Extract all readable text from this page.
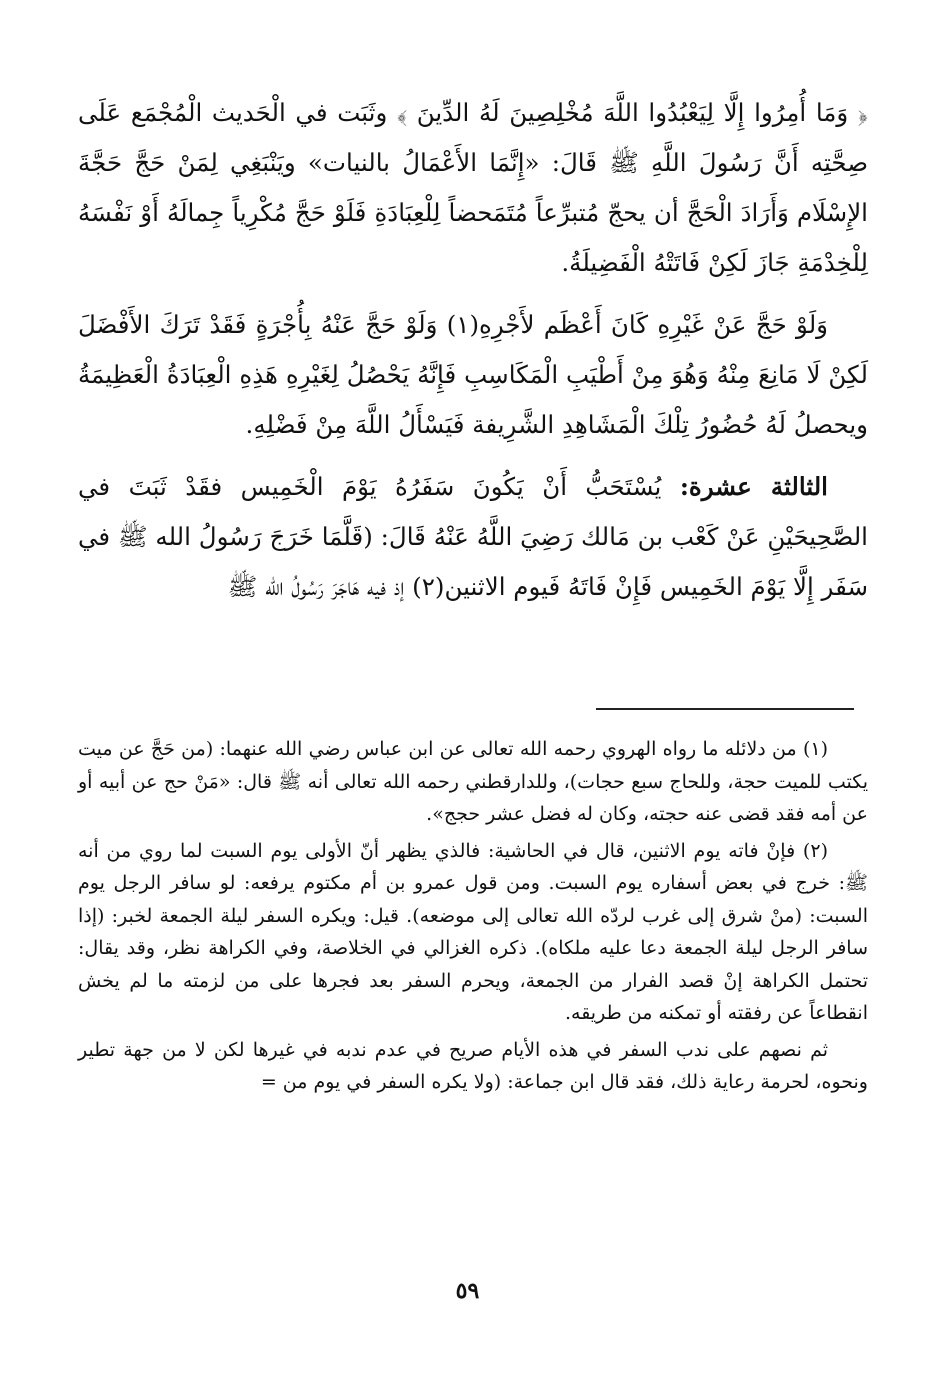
﴿ وَمَا أُمِرُوا إِلَّا لِيَعْبُدُوا اللَّهَ مُخْلِصِينَ لَهُ الدِّينَ ﴾ وثَبَت في الْحَديث الْمُجْمَع عَلَى صِحَّتِه أَنَّ رَسُولَ اللَّهِ ﷺ قَالَ: «إِنَّمَا الأَعْمَالُ بالنيات» ويَنْبَغِي لِمَنْ حَجَّ حَجَّةَ الإِسْلَام وَأَرَادَ الْحَجَّ أن يحجّ مُتبرِّعاً مُتَمَحضاً لِلْعِبَادَةِ فَلَوْ حَجَّ مُكْرِياً جِمالَهُ أَوْ نَفْسَهُ لِلْخِدْمَةِ جَازَ لَكِنْ فَاتَتْهُ الْفَضِيلَةُ.

وَلَوْ حَجَّ عَنْ غَيْرِهِ كَانَ أَعْظَم لأَجْرِهِ(١) وَلَوْ حَجَّ عَنْهُ بِأُجْرَةٍ فَقَدْ تَرَكَ الأَفْضَلَ لَكِنْ لَا مَانِعَ مِنْهُ وَهُوَ مِنْ أَطْيَبِ الْمَكَاسِبِ فَإِنَّهُ يَحْصُلُ لِغَيْرِهِ هَذِهِ الْعِبَادَةُ الْعَظِيمَةُ ويحصلُ لَهُ حُضُورُ تِلْكَ الْمَشَاهِدِ الشَّرِيفة فَيَسْأَلُ اللَّهَ مِنْ فَضْلِهِ.

الثالثة عشرة: يُسْتَحَبُّ أَنْ يَكُونَ سَفَرُهُ يَوْمَ الْخَمِيس فقَدْ ثَبَتَ في الصَّحِيحَيْنِ عَنْ كَعْب بن مَالك رَضِيَ اللَّهُ عَنْهُ قَالَ: (قَلَّمَا خَرَجَ رَسُولُ الله ﷺ في سَفَر إِلَّا يَوْمَ الخَمِيس فَإِنْ فَاتَهُ فَيوم الاثنين(٢) إذ فيه هَاجَرَ رَسُولُ الله ﷺ

(١) من دلائله ما رواه الهروي رحمه الله تعالى عن ابن عباس رضي الله عنهما: (من حَجَّ عن ميت يكتب للميت حجة، وللحاج سبع حجات)، وللدارقطني رحمه الله تعالى أنه ﷺ قال: «مَنْ حج عن أبيه أو عن أمه فقد قضى عنه حجته، وكان له فضل عشر حجج».

(٢) فإنْ فاته يوم الاثنين، قال في الحاشية: فالذي يظهر أنّ الأولى يوم السبت لما روي من أنه ﷺ: خرج في بعض أسفاره يوم السبت. ومن قول عمرو بن أم مكتوم يرفعه: لو سافر الرجل يوم السبت: (منْ شرق إلى غرب لردّه الله تعالى إلى موضعه). قيل: ويكره السفر ليلة الجمعة لخبر: (إذا سافر الرجل ليلة الجمعة دعا عليه ملكاه). ذكره الغزالي في الخلاصة، وفي الكراهة نظر، وقد يقال: تحتمل الكراهة إنْ قصد الفرار من الجمعة، ويحرم السفر بعد فجرها على من لزمته ما لم يخش انقطاعاً عن رفقته أو تمكنه من طريقه.

ثم نصهم على ندب السفر في هذه الأيام صريح في عدم ندبه في غيرها لكن لا من جهة تطير ونحوه، لحرمة رعاية ذلك، فقد قال ابن جماعة: (ولا يكره السفر في يوم من =

٥٩
